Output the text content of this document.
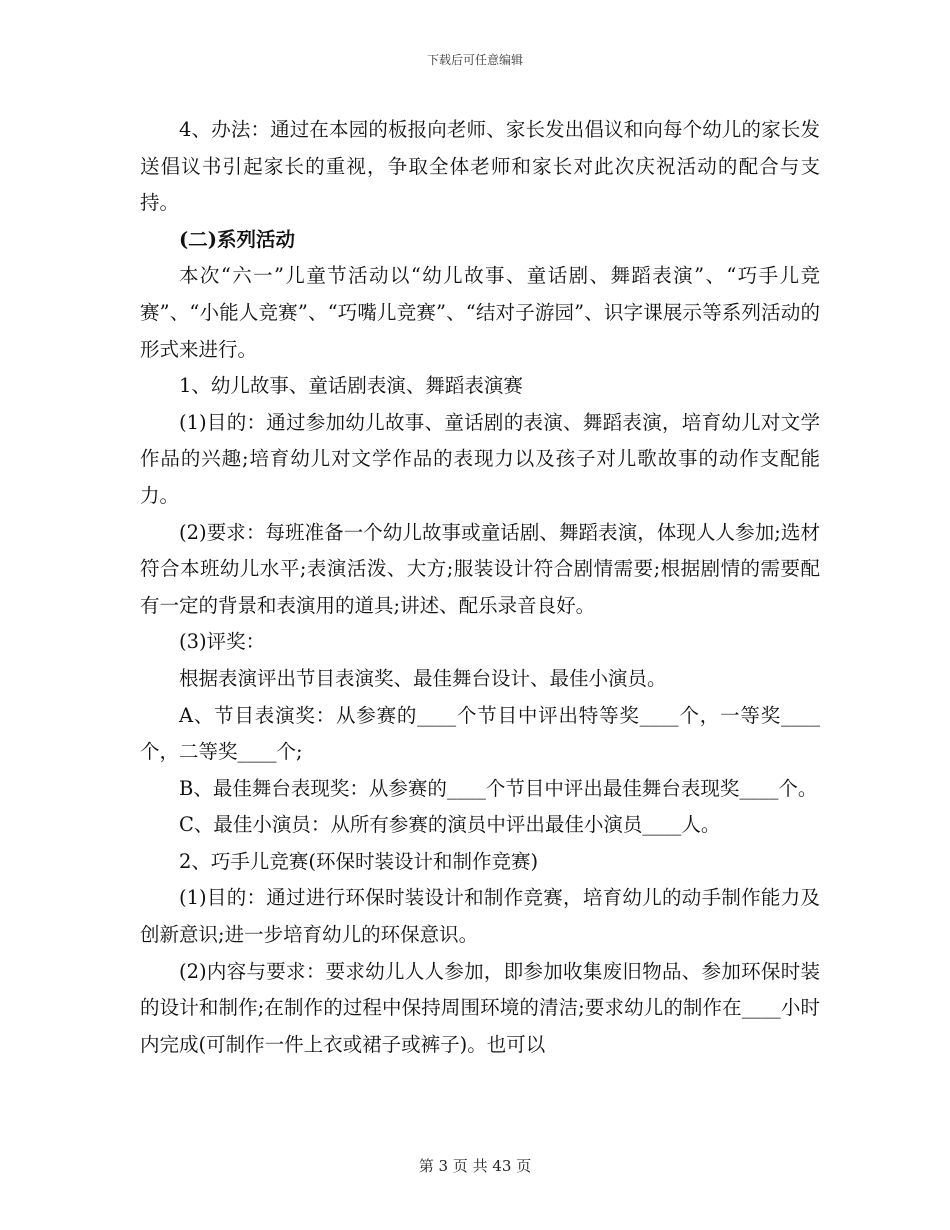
下载后可任意编辑

4、办法：通过在本园的板报向老师、家长发出倡议和向每个幼儿的家长发送倡议书引起家长的重视，争取全体老师和家长对此次庆祝活动的配合与支持。

(二)系列活动

本次“六一”儿童节活动以“幼儿故事、童话剧、舞蹈表演”、“巧手儿竞赛”、“小能人竞赛”、“巧嘴儿竞赛”、“结对子游园”、识字课展示等系列活动的形式来进行。

1、幼儿故事、童话剧表演、舞蹈表演赛

(1)目的：通过参加幼儿故事、童话剧的表演、舞蹈表演，培育幼儿对文学作品的兴趣;培育幼儿对文学作品的表现力以及孩子对儿歌故事的动作支配能力。

(2)要求：每班准备一个幼儿故事或童话剧、舞蹈表演，体现人人参加;选材符合本班幼儿水平;表演活泼、大方;服装设计符合剧情需要;根据剧情的需要配有一定的背景和表演用的道具;讲述、配乐录音良好。

(3)评奖：

根据表演评出节目表演奖、最佳舞台设计、最佳小演员。

A、节目表演奖：从参赛的____个节目中评出特等奖____个，一等奖____个，二等奖____个;

B、最佳舞台表现奖：从参赛的____个节目中评出最佳舞台表现奖____个。

C、最佳小演员：从所有参赛的演员中评出最佳小演员____人。

2、巧手儿竞赛(环保时装设计和制作竞赛)

(1)目的：通过进行环保时装设计和制作竞赛，培育幼儿的动手制作能力及创新意识;进一步培育幼儿的环保意识。

(2)内容与要求：要求幼儿人人参加，即参加收集废旧物品、参加环保时装的设计和制作;在制作的过程中保持周围环境的清洁;要求幼儿的制作在____小时内完成(可制作一件上衣或裙子或裤子)。也可以

第 3 页 共 43 页
